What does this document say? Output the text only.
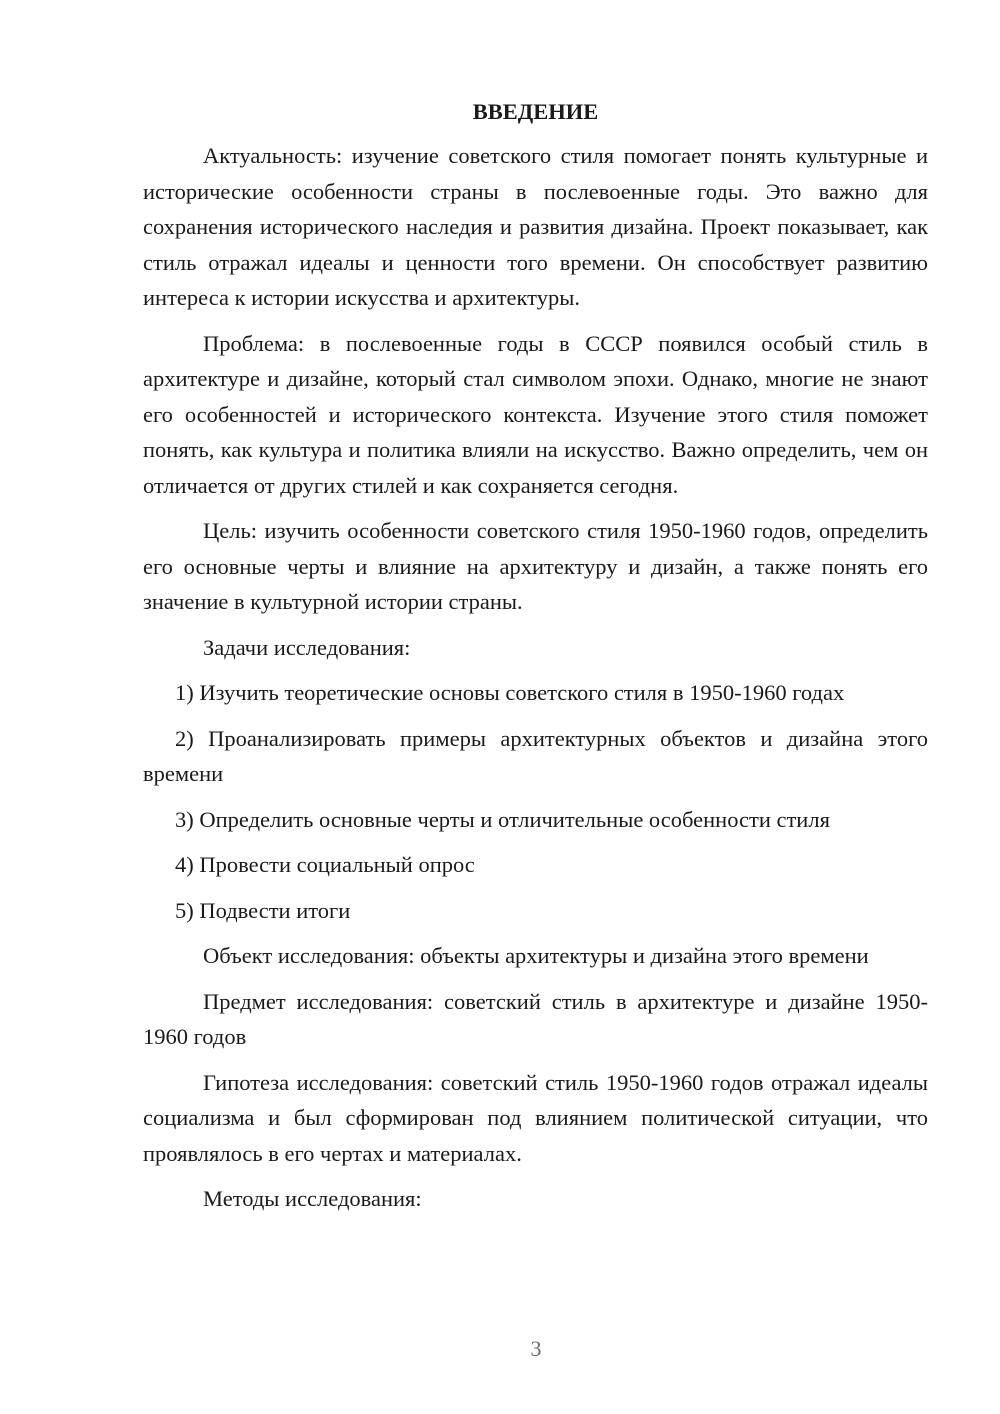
ВВЕДЕНИЕ

Актуальность: изучение советского стиля помогает понять культурные и исторические особенности страны в послевоенные годы. Это важно для сохранения исторического наследия и развития дизайна. Проект показывает, как стиль отражал идеалы и ценности того времени. Он способствует развитию интереса к истории искусства и архитектуры.

Проблема: в послевоенные годы в СССР появился особый стиль в архитектуре и дизайне, который стал символом эпохи. Однако, многие не знают его особенностей и исторического контекста. Изучение этого стиля поможет понять, как культура и политика влияли на искусство. Важно определить, чем он отличается от других стилей и как сохраняется сегодня.

Цель: изучить особенности советского стиля 1950-1960 годов, определить его основные черты и влияние на архитектуру и дизайн, а также понять его значение в культурной истории страны.

Задачи исследования:

1) Изучить теоретические основы советского стиля в 1950-1960 годах

2) Проанализировать примеры архитектурных объектов и дизайна этого времени

3) Определить основные черты и отличительные особенности стиля

4) Провести социальный опрос

5) Подвести итоги

Объект исследования: объекты архитектуры и дизайна этого времени

Предмет исследования: советский стиль в архитектуре и дизайне 1950-1960 годов

Гипотеза исследования: советский стиль 1950-1960 годов отражал идеалы социализма и был сформирован под влиянием политической ситуации, что проявлялось в его чертах и материалах.

Методы исследования:

3
